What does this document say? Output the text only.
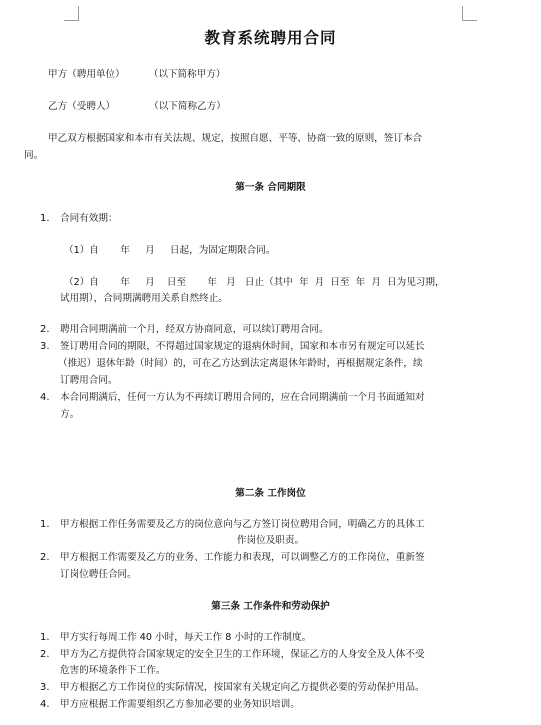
教育系统聘用合同
甲方（聘用单位）	（以下简称甲方）
乙方（受聘人）	（以下简称乙方）
甲乙双方根据国家和本市有关法规、规定，按照自愿、平等、协商一致的原则，签订本合
同。
第一条 合同期限
1. 合同有效期：
（1）自       年     月     日起，为固定期限合同。
（2）自       年     月    日至       年   月   日止（其中  年  月  日至  年  月  日为见习期，
试用期），合同期满聘用关系自然终止。
2. 聘用合同期满前一个月，经双方协商同意，可以续订聘用合同。
3. 签订聘用合同的期限，不得超过国家规定的退病休时间，国家和本市另有规定可以延长
（推迟）退休年龄（时间）的，可在乙方达到法定离退休年龄时，再根据规定条件，续
订聘用合同。
4. 本合同期满后，任何一方认为不再续订聘用合同的，应在合同期满前一个月书面通知对
方。
第二条 工作岗位
1. 甲方根据工作任务需要及乙方的岗位意向与乙方签订岗位聘用合同，明确乙方的具体工
作岗位及职责。
2. 甲方根据工作需要及乙方的业务、工作能力和表现，可以调整乙方的工作岗位，重新签
订岗位聘任合同。
第三条 工作条件和劳动保护
1. 甲方实行每周工作 40 小时，每天工作 8 小时的工作制度。
2. 甲方为乙方提供符合国家规定的安全卫生的工作环境，保证乙方的人身安全及人体不受
危害的环境条件下工作。
3. 甲方根据乙方工作岗位的实际情况，按国家有关规定向乙方提供必要的劳动保护用品。
4. 甲方应根据工作需要组织乙方参加必要的业务知识培训。
